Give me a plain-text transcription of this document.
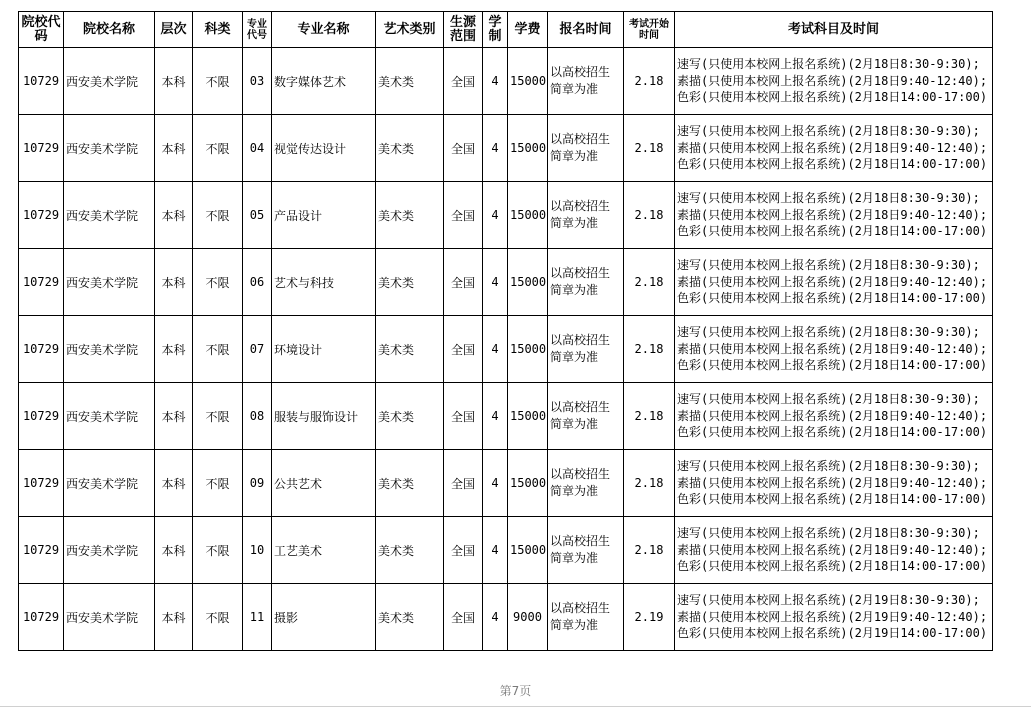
院校代码	院校名称	层次	科类	专业代号	专业名称	艺术类别	生源范围	学制	学费	报名时间	考试开始时间	考试科目及时间
10729	西安美术学院	本科	不限	03	数字媒体艺术	美术类	全国	4	15000	以高校招生简章为准	2.18	速写(只使用本校网上报名系统)(2月18日8:30-9:30);素描(只使用本校网上报名系统)(2月18日9:40-12:40);色彩(只使用本校网上报名系统)(2月18日14:00-17:00)
10729	西安美术学院	本科	不限	04	视觉传达设计	美术类	全国	4	15000	以高校招生简章为准	2.18	速写(只使用本校网上报名系统)(2月18日8:30-9:30);素描(只使用本校网上报名系统)(2月18日9:40-12:40);色彩(只使用本校网上报名系统)(2月18日14:00-17:00)
10729	西安美术学院	本科	不限	05	产品设计	美术类	全国	4	15000	以高校招生简章为准	2.18	速写(只使用本校网上报名系统)(2月18日8:30-9:30);素描(只使用本校网上报名系统)(2月18日9:40-12:40);色彩(只使用本校网上报名系统)(2月18日14:00-17:00)
10729	西安美术学院	本科	不限	06	艺术与科技	美术类	全国	4	15000	以高校招生简章为准	2.18	速写(只使用本校网上报名系统)(2月18日8:30-9:30);素描(只使用本校网上报名系统)(2月18日9:40-12:40);色彩(只使用本校网上报名系统)(2月18日14:00-17:00)
10729	西安美术学院	本科	不限	07	环境设计	美术类	全国	4	15000	以高校招生简章为准	2.18	速写(只使用本校网上报名系统)(2月18日8:30-9:30);素描(只使用本校网上报名系统)(2月18日9:40-12:40);色彩(只使用本校网上报名系统)(2月18日14:00-17:00)
10729	西安美术学院	本科	不限	08	服装与服饰设计	美术类	全国	4	15000	以高校招生简章为准	2.18	速写(只使用本校网上报名系统)(2月18日8:30-9:30);素描(只使用本校网上报名系统)(2月18日9:40-12:40);色彩(只使用本校网上报名系统)(2月18日14:00-17:00)
10729	西安美术学院	本科	不限	09	公共艺术	美术类	全国	4	15000	以高校招生简章为准	2.18	速写(只使用本校网上报名系统)(2月18日8:30-9:30);素描(只使用本校网上报名系统)(2月18日9:40-12:40);色彩(只使用本校网上报名系统)(2月18日14:00-17:00)
10729	西安美术学院	本科	不限	10	工艺美术	美术类	全国	4	15000	以高校招生简章为准	2.18	速写(只使用本校网上报名系统)(2月18日8:30-9:30);素描(只使用本校网上报名系统)(2月18日9:40-12:40);色彩(只使用本校网上报名系统)(2月18日14:00-17:00)
10729	西安美术学院	本科	不限	11	摄影	美术类	全国	4	9000	以高校招生简章为准	2.19	速写(只使用本校网上报名系统)(2月19日8:30-9:30);素描(只使用本校网上报名系统)(2月19日9:40-12:40);色彩(只使用本校网上报名系统)(2月19日14:00-17:00)
第7页
